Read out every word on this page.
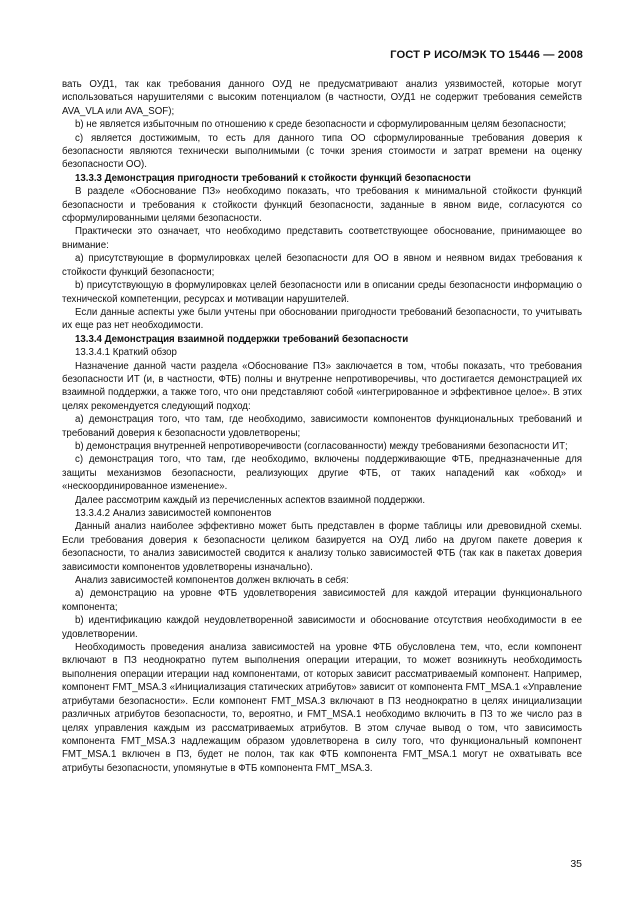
ГОСТ Р ИСО/МЭК ТО 15446 — 2008

вать ОУД1, так как требования данного ОУД не предусматривают анализ уязвимостей, которые могут использоваться нарушителями с высоким потенциалом (в частности, ОУД1 не содержит требования семейств AVA_VLA или AVA_SOF);

b) не является избыточным по отношению к среде безопасности и сформулированным целям безопасности;

c) является достижимым, то есть для данного типа ОО сформулированные требования доверия к безопасности являются технически выполнимыми (с точки зрения стоимости и затрат времени на оценку безопасности ОО).

13.3.3 Демонстрация пригодности требований к стойкости функций безопасности

В разделе «Обоснование ПЗ» необходимо показать, что требования к минимальной стойкости функций безопасности и требования к стойкости функций безопасности, заданные в явном виде, согласуются со сформулированными целями безопасности.

Практически это означает, что необходимо представить соответствующее обоснование, принимающее во внимание:

a) присутствующие в формулировках целей безопасности для ОО в явном и неявном видах требования к стойкости функций безопасности;

b) присутствующую в формулировках целей безопасности или в описании среды безопасности информацию о технической компетенции, ресурсах и мотивации нарушителей.

Если данные аспекты уже были учтены при обосновании пригодности требований безопасности, то учитывать их еще раз нет необходимости.

13.3.4 Демонстрация взаимной поддержки требований безопасности

13.3.4.1 Краткий обзор

Назначение данной части раздела «Обоснование ПЗ» заключается в том, чтобы показать, что требования безопасности ИТ (и, в частности, ФТБ) полны и внутренне непротиворечивы, что достигается демонстрацией их взаимной поддержки, а также того, что они представляют собой «интегрированное и эффективное целое». В этих целях рекомендуется следующий подход:

a) демонстрация того, что там, где необходимо, зависимости компонентов функциональных требований и требований доверия к безопасности удовлетворены;

b) демонстрация внутренней непротиворечивости (согласованности) между требованиями безопасности ИТ;

c) демонстрация того, что там, где необходимо, включены поддерживающие ФТБ, предназначенные для защиты механизмов безопасности, реализующих другие ФТБ, от таких нападений как «обход» и «нескоординированное изменение».

Далее рассмотрим каждый из перечисленных аспектов взаимной поддержки.

13.3.4.2 Анализ зависимостей компонентов

Данный анализ наиболее эффективно может быть представлен в форме таблицы или древовидной схемы. Если требования доверия к безопасности целиком базируется на ОУД либо на другом пакете доверия к безопасности, то анализ зависимостей сводится к анализу только зависимостей ФТБ (так как в пакетах доверия зависимости компонентов удовлетворены изначально).

Анализ зависимостей компонентов должен включать в себя:

a) демонстрацию на уровне ФТБ удовлетворения зависимостей для каждой итерации функционального компонента;

b) идентификацию каждой неудовлетворенной зависимости и обоснование отсутствия необходимости в ее удовлетворении.

Необходимость проведения анализа зависимостей на уровне ФТБ обусловлена тем, что, если компонент включают в ПЗ неоднократно путем выполнения операции итерации, то может возникнуть необходимость выполнения операции итерации над компонентами, от которых зависит рассматриваемый компонент. Например, компонент FMT_MSA.3 «Инициализация статических атрибутов» зависит от компонента FMT_MSA.1 «Управление атрибутами безопасности». Если компонент FMT_MSA.3 включают в ПЗ неоднократно в целях инициализации различных атрибутов безопасности, то, вероятно, и FMT_MSA.1 необходимо включить в ПЗ то же число раз в целях управления каждым из рассматриваемых атрибутов. В этом случае вывод о том, что зависимость компонента FMT_MSA.3 надлежащим образом удовлетворена в силу того, что функциональный компонент FMT_MSA.1 включен в ПЗ, будет не полон, так как ФТБ компонента FMT_MSA.1 могут не охватывать все атрибуты безопасности, упомянутые в ФТБ компонента FMT_MSA.3.

35
